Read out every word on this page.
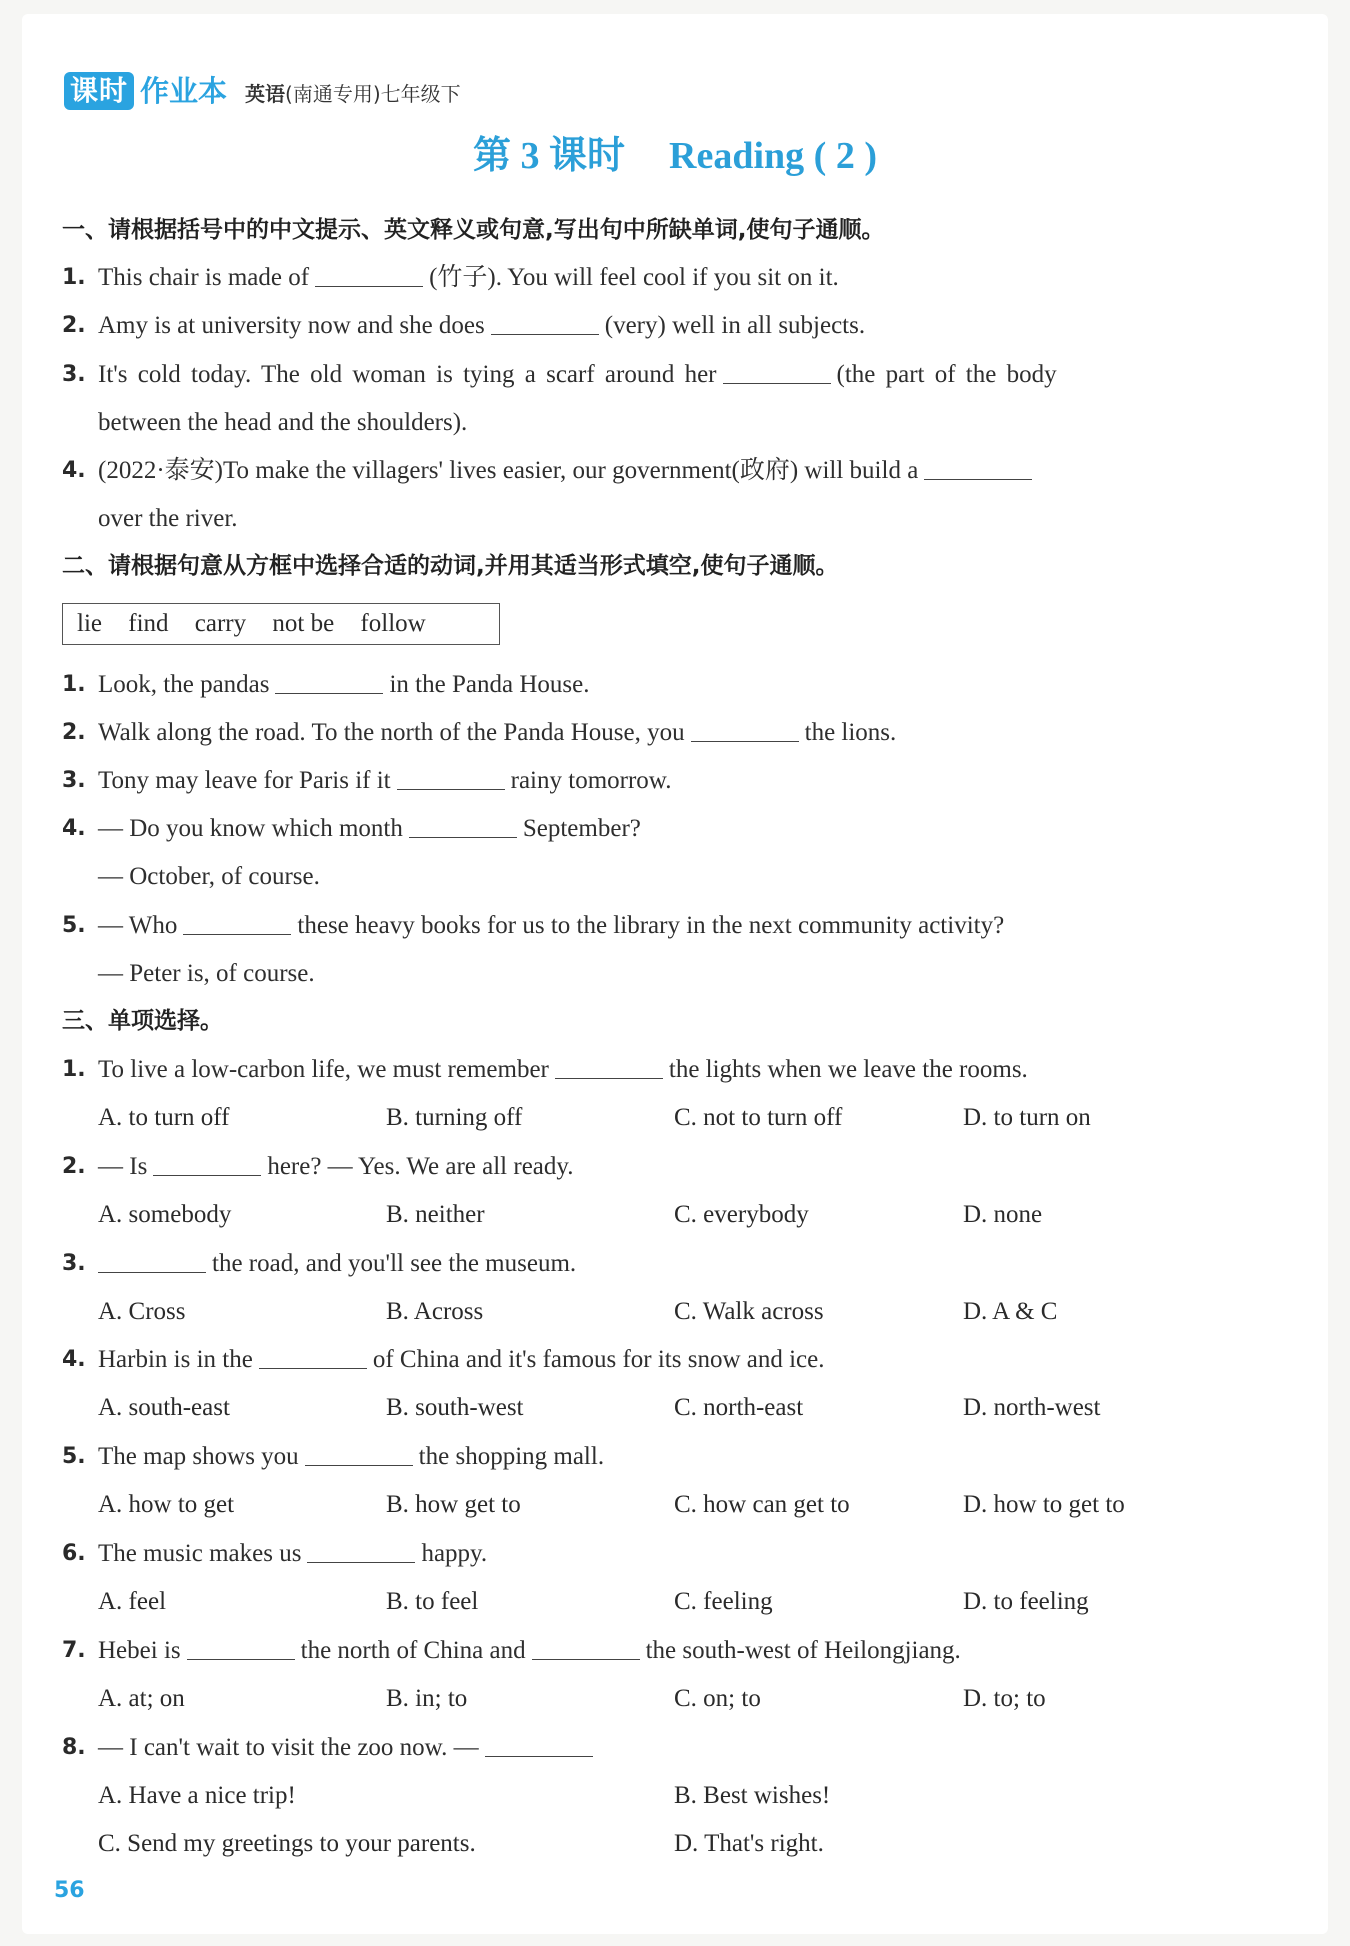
课时 作业本 英语(南通专用)七年级下
第 3 课时 Reading ( 2 )
一、请根据括号中的中文提示、英文释义或句意,写出句中所缺单词,使句子通顺。
1. This chair is made of	(竹子). You will feel cool if you sit on it.
2. Amy is at university now and she does	(very) well in all subjects.
3. It's cold today. The old woman is tying a scarf around her	(the part of the body
between the head and the shoulders).
4. (2022·泰安)To make the villagers' lives easier, our government(政府) will build a
over the river.
二、请根据句意从方框中选择合适的动词,并用其适当形式填空,使句子通顺。
lie find carry not be follow
1. Look, the pandas	in the Panda House.
2. Walk along the road. To the north of the Panda House, you	the lions.
3. Tony may leave for Paris if it	rainy tomorrow.
4. — Do you know which month	September?
— October, of course.
5. — Who	these heavy books for us to the library in the next community activity?
— Peter is, of course.
三、单项选择。
1. To live a low-carbon life, we must remember	the lights when we leave the rooms.
A. to turn off	B. turning off	C. not to turn off	D. to turn on
2. — Is	here? — Yes. We are all ready.
A. somebody	B. neither	C. everybody	D. none
3.	the road, and you'll see the museum.
A. Cross	B. Across	C. Walk across	D. A & C
4. Harbin is in the	of China and it's famous for its snow and ice.
A. south-east	B. south-west	C. north-east	D. north-west
5. The map shows you	the shopping mall.
A. how to get	B. how get to	C. how can get to	D. how to get to
6. The music makes us	happy.
A. feel	B. to feel	C. feeling	D. to feeling
7. Hebei is	the north of China and	the south-west of Heilongjiang.
A. at; on	B. in; to	C. on; to	D. to; to
8. — I can't wait to visit the zoo now. —
A. Have a nice trip!	B. Best wishes!
C. Send my greetings to your parents.	D. That's right.
56
